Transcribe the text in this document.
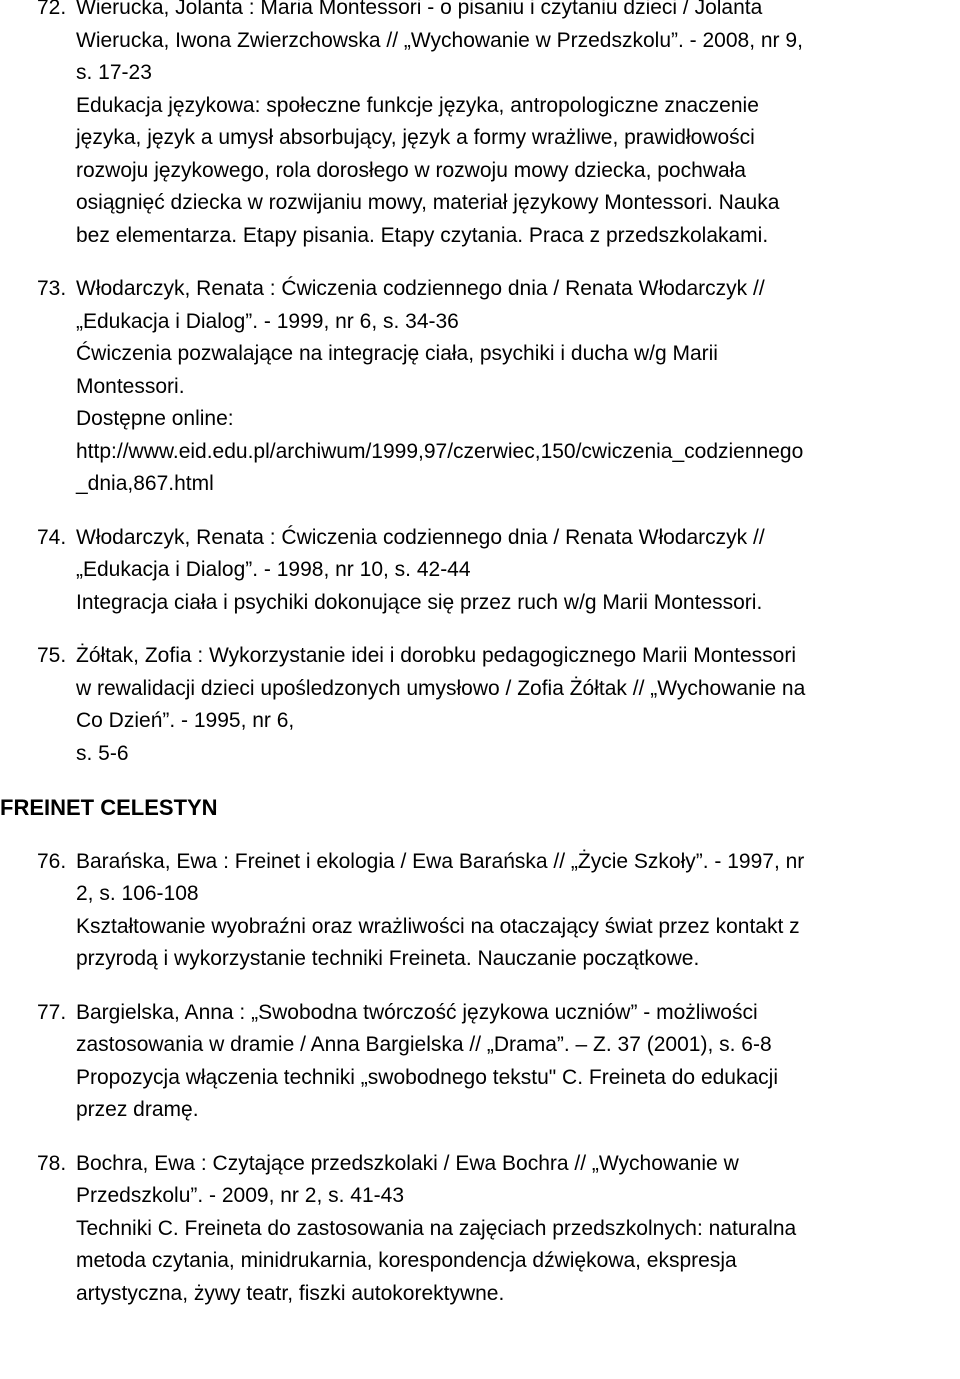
72. Wierucka, Jolanta : Maria Montessori - o pisaniu i czytaniu dzieci / Jolanta
Wierucka, Iwona Zwierzchowska // „Wychowanie w Przedszkolu”. - 2008, nr 9,
s. 17-23

Edukacja językowa: społeczne funkcje języka, antropologiczne znaczenie
języka, język a umysł absorbujący, język a formy wrażliwe, prawidłowości
rozwoju językowego, rola dorosłego w rozwoju mowy dziecka, pochwała
osiągnięć dziecka w rozwijaniu mowy, materiał językowy Montessori. Nauka
bez elementarza. Etapy pisania. Etapy czytania. Praca z przedszkolakami.

73. Włodarczyk, Renata : Ćwiczenia codziennego dnia / Renata Włodarczyk //
„Edukacja i Dialog”. - 1999, nr 6, s. 34-36

Ćwiczenia pozwalające na integrację ciała, psychiki i ducha w/g Marii
Montessori.
Dostępne online:
http://www.eid.edu.pl/archiwum/1999,97/czerwiec,150/cwiczenia_codziennego
_dnia,867.html

74. Włodarczyk, Renata : Ćwiczenia codziennego dnia / Renata Włodarczyk //
„Edukacja i Dialog”. - 1998, nr 10, s. 42-44

Integracja ciała i psychiki dokonujące się przez ruch w/g Marii Montessori.

75. Żółtak, Zofia : Wykorzystanie idei i dorobku pedagogicznego Marii Montessori
w rewalidacji dzieci upośledzonych umysłowo / Zofia Żółtak // „Wychowanie na
Co Dzień”. - 1995, nr 6,
s. 5-6

FREINET CELESTYN
76. Barańska, Ewa : Freinet i ekologia / Ewa Barańska // „Życie Szkoły”. - 1997, nr
2, s. 106-108

Kształtowanie wyobraźni oraz wrażliwości na otaczający świat przez kontakt z
przyrodą i wykorzystanie techniki Freineta. Nauczanie początkowe.

77. Bargielska, Anna : „Swobodna twórczość językowa uczniów” - możliwości
zastosowania w dramie / Anna Bargielska // „Drama”. – Z. 37 (2001), s. 6-8

Propozycja włączenia techniki „swobodnego tekstu" C. Freineta do edukacji
przez dramę.

78. Bochra, Ewa : Czytające przedszkolaki / Ewa Bochra // „Wychowanie w
Przedszkolu”. - 2009, nr 2, s. 41-43

Techniki C. Freineta do zastosowania na zajęciach przedszkolnych: naturalna
metoda czytania, minidrukarnia, korespondencja dźwiękowa, ekspresja
artystyczna, żywy teatr, fiszki autokorektywne.
